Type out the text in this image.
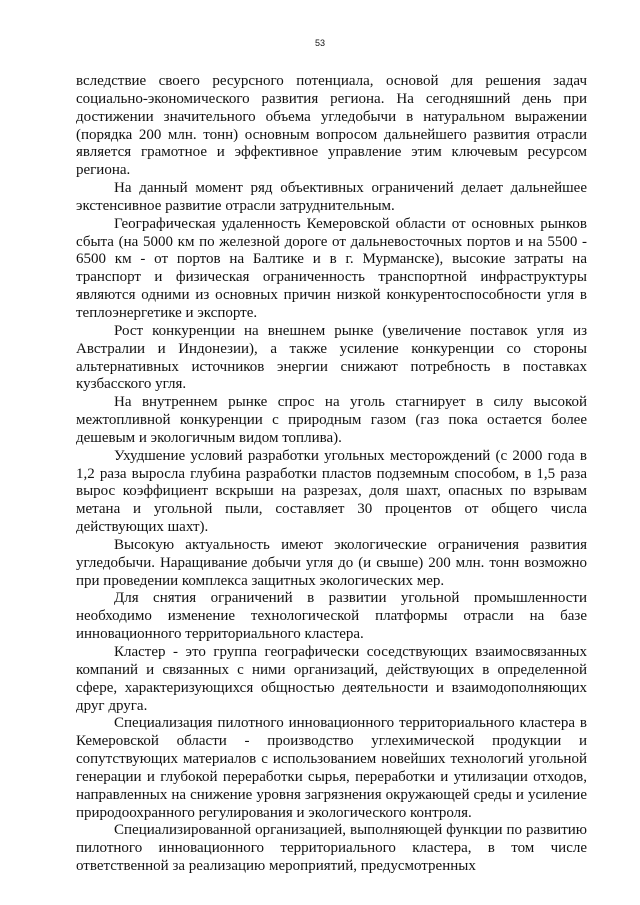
53

вследствие своего ресурсного потенциала, основой для решения задач социально-экономического развития региона. На сегодняшний день при достижении значительного объема угледобычи в натуральном выражении (порядка 200 млн. тонн) основным вопросом дальнейшего развития отрасли является грамотное и эффективное управление этим ключевым ресурсом региона.

На данный момент ряд объективных ограничений делает дальнейшее экстенсивное развитие отрасли затруднительным.

Географическая удаленность Кемеровской области от основных рынков сбыта (на 5000 км по железной дороге от дальневосточных портов и на 5500 - 6500 км - от портов на Балтике и в г. Мурманске), высокие затраты на транспорт и физическая ограниченность транспортной инфраструктуры являются одними из основных причин низкой конкурентоспособности угля в теплоэнергетике и экспорте.

Рост конкуренции на внешнем рынке (увеличение поставок угля из Австралии и Индонезии), а также усиление конкуренции со стороны альтернативных источников энергии снижают потребность в поставках кузбасского угля.

На внутреннем рынке спрос на уголь стагнирует в силу высокой межтопливной конкуренции с природным газом (газ пока остается более дешевым и экологичным видом топлива).

Ухудшение условий разработки угольных месторождений (с 2000 года в 1,2 раза выросла глубина разработки пластов подземным способом, в 1,5 раза вырос коэффициент вскрыши на разрезах, доля шахт, опасных по взрывам метана и угольной пыли, составляет 30 процентов от общего числа действующих шахт).

Высокую актуальность имеют экологические ограничения развития угледобычи. Наращивание добычи угля до (и свыше) 200 млн. тонн возможно при проведении комплекса защитных экологических мер.

Для снятия ограничений в развитии угольной промышленности необходимо изменение технологической платформы отрасли на базе инновационного территориального кластера.

Кластер - это группа географически соседствующих взаимосвязанных компаний и связанных с ними организаций, действующих в определенной сфере, характеризующихся общностью деятельности и взаимодополняющих друг друга.

Специализация пилотного инновационного территориального кластера в Кемеровской области - производство углехимической продукции и сопутствующих материалов с использованием новейших технологий угольной генерации и глубокой переработки сырья, переработки и утилизации отходов, направленных на снижение уровня загрязнения окружающей среды и усиление природоохранного регулирования и экологического контроля.

Специализированной организацией, выполняющей функции по развитию пилотного инновационного территориального кластера, в том числе ответственной за реализацию мероприятий, предусмотренных
